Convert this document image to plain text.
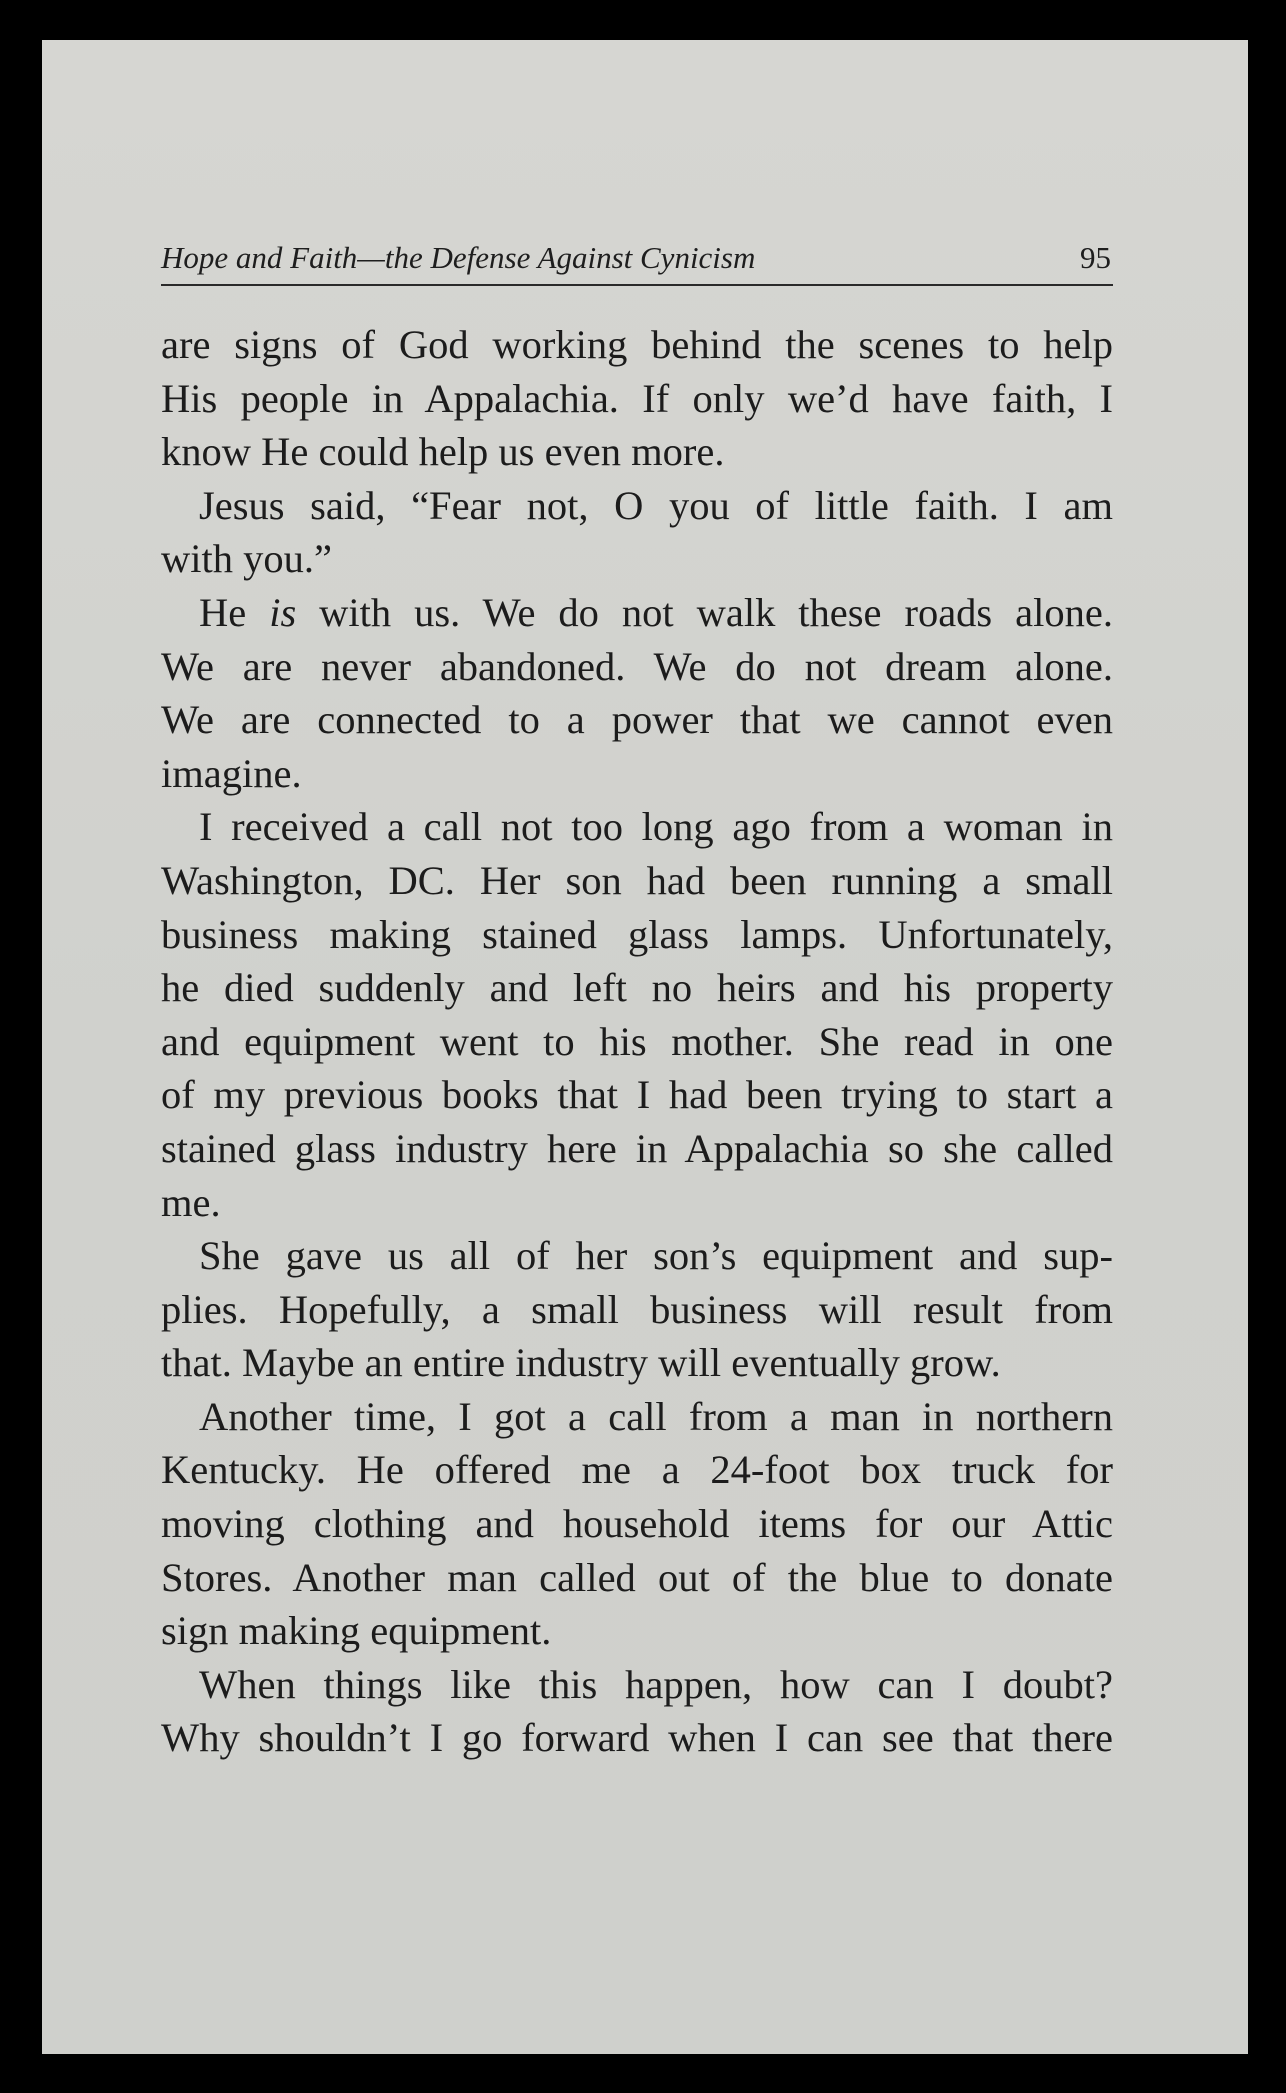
Hope and Faith—the Defense Against Cynicism	95
are signs of God working behind the scenes to help
His people in Appalachia. If only we’d have faith, I
know He could help us even more.
Jesus said, “Fear not, O you of little faith. I am
with you.”
He is with us. We do not walk these roads alone.
We are never abandoned. We do not dream alone.
We are connected to a power that we cannot even
imagine.
I received a call not too long ago from a woman in
Washington, DC. Her son had been running a small
business making stained glass lamps. Unfortunately,
he died suddenly and left no heirs and his property
and equipment went to his mother. She read in one
of my previous books that I had been trying to start a
stained glass industry here in Appalachia so she called
me.
She gave us all of her son’s equipment and sup-
plies. Hopefully, a small business will result from
that. Maybe an entire industry will eventually grow.
Another time, I got a call from a man in northern
Kentucky. He offered me a 24-foot box truck for
moving clothing and household items for our Attic
Stores. Another man called out of the blue to donate
sign making equipment.
When things like this happen, how can I doubt?
Why shouldn’t I go forward when I can see that there
